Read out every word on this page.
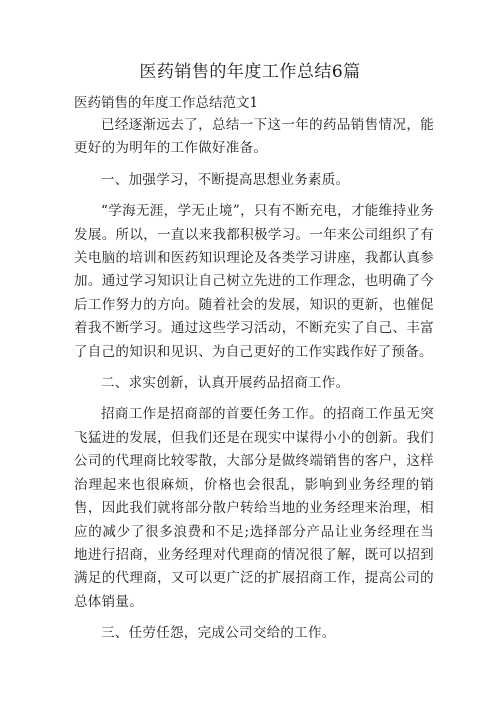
医药销售的年度工作总结6篇
医药销售的年度工作总结范文1

已经逐渐远去了，总结一下这一年的药品销售情况，能更好的为明年的工作做好准备。

一、加强学习，不断提高思想业务素质。

“学海无涯，学无止境”，只有不断充电，才能维持业务发展。所以，一直以来我都积极学习。一年来公司组织了有关电脑的培训和医药知识理论及各类学习讲座，我都认真参加。通过学习知识让自己树立先进的工作理念，也明确了今后工作努力的方向。随着社会的发展，知识的更新，也催促着我不断学习。通过这些学习活动，不断充实了自己、丰富了自己的知识和见识、为自己更好的工作实践作好了预备。

二、求实创新，认真开展药品招商工作。

招商工作是招商部的首要任务工作。的招商工作虽无突飞猛进的发展，但我们还是在现实中谋得小小的创新。我们公司的代理商比较零散，大部分是做终端销售的客户，这样治理起来也很麻烦，价格也会很乱，影响到业务经理的销售，因此我们就将部分散户转给当地的业务经理来治理，相应的减少了很多浪费和不足;选择部分产品让业务经理在当地进行招商，业务经理对代理商的情况很了解，既可以招到满足的代理商，又可以更广泛的扩展招商工作，提高公司的总体销量。

三、任劳任怨，完成公司交给的工作。
